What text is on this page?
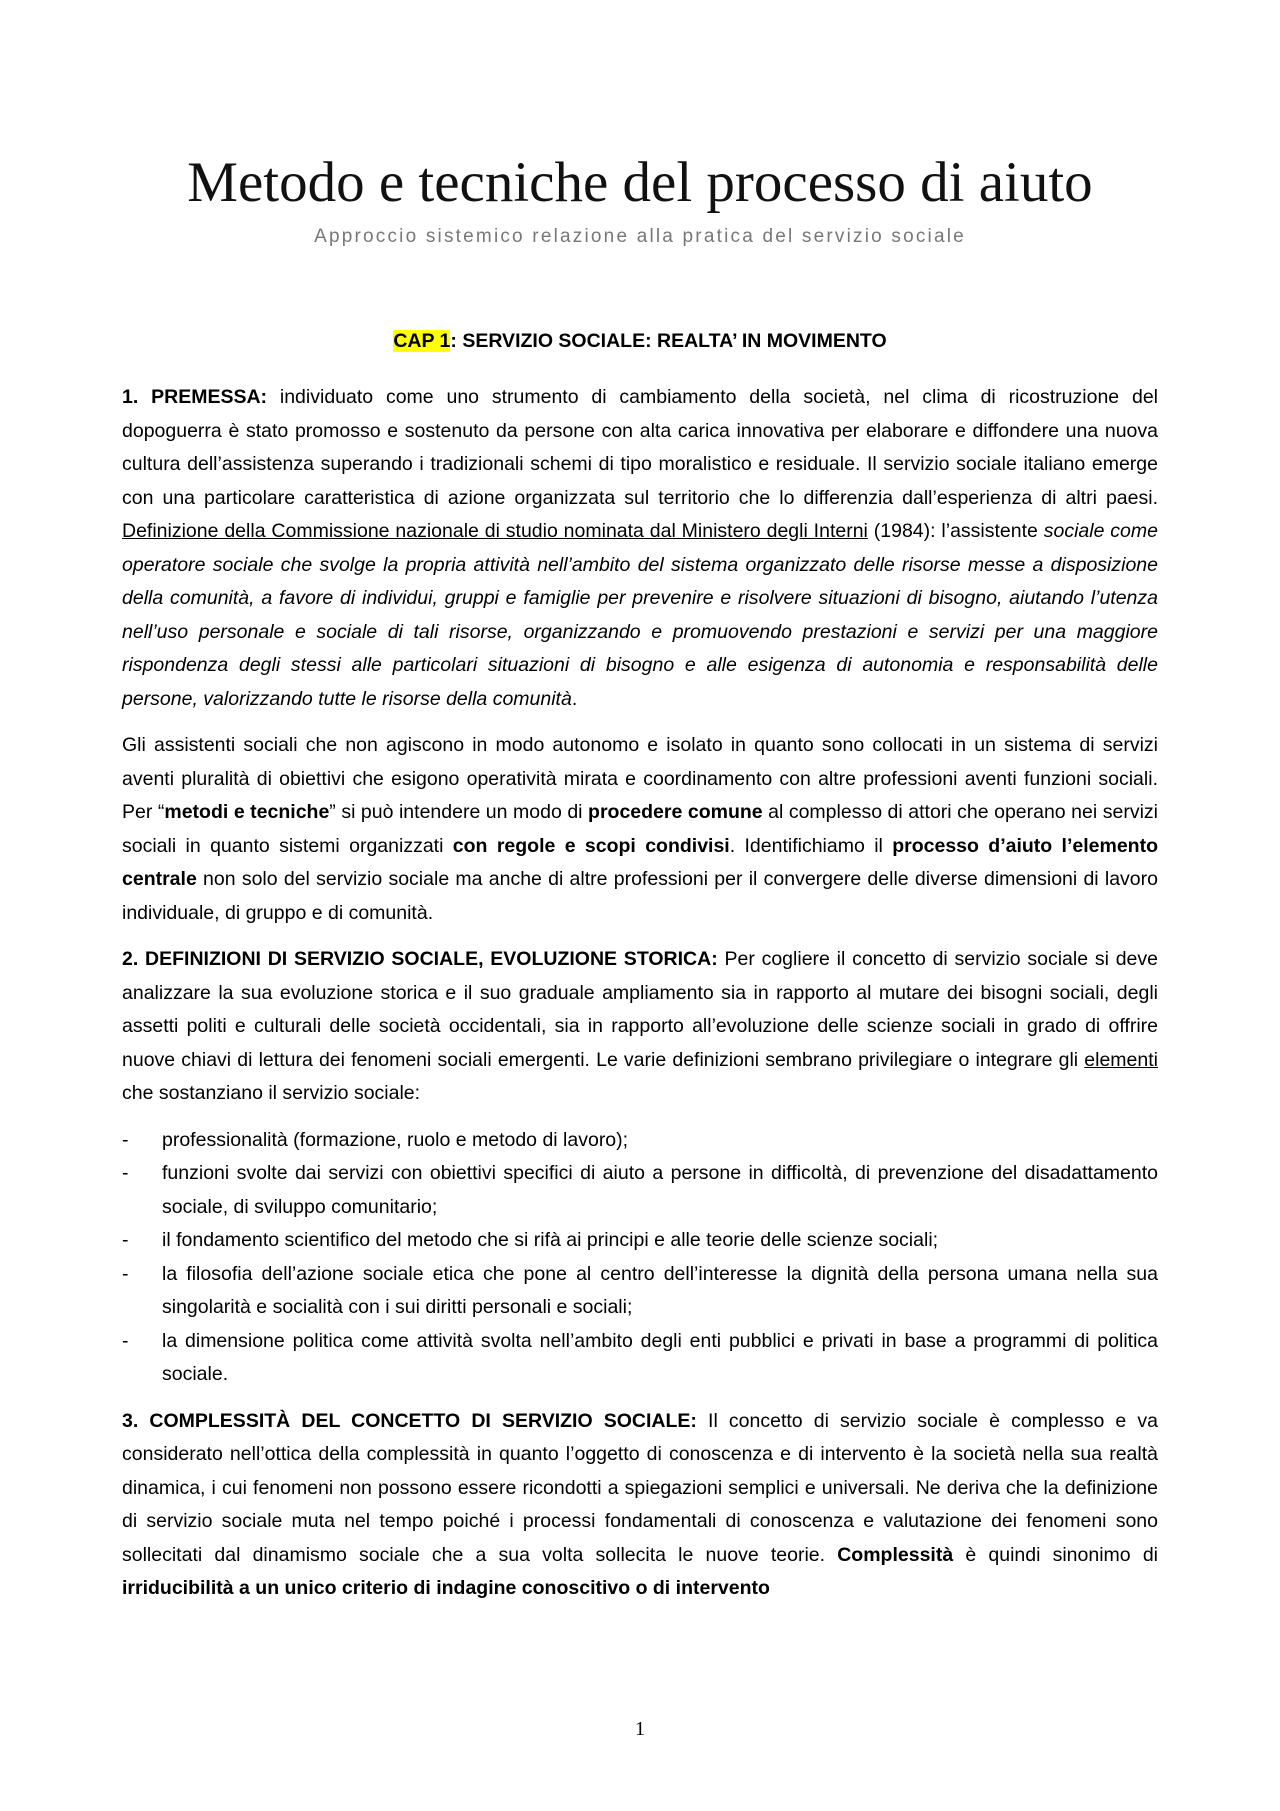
Metodo e tecniche del processo di aiuto
Approccio sistemico relazione alla pratica del servizio sociale
CAP 1: SERVIZIO SOCIALE: REALTA’ IN MOVIMENTO

1. PREMESSA: individuato come uno strumento di cambiamento della società, nel clima di ricostruzione del dopoguerra è stato promosso e sostenuto da persone con alta carica innovativa per elaborare e diffondere una nuova cultura dell’assistenza superando i tradizionali schemi di tipo moralistico e residuale. Il servizio sociale italiano emerge con una particolare caratteristica di azione organizzata sul territorio che lo differenzia dall’esperienza di altri paesi. Definizione della Commissione nazionale di studio nominata dal Ministero degli Interni (1984): l’assistente sociale come operatore sociale che svolge la propria attività nell’ambito del sistema organizzato delle risorse messe a disposizione della comunità, a favore di individui, gruppi e famiglie per prevenire e risolvere situazioni di bisogno, aiutando l’utenza nell’uso personale e sociale di tali risorse, organizzando e promuovendo prestazioni e servizi per una maggiore rispondenza degli stessi alle particolari situazioni di bisogno e alle esigenza di autonomia e responsabilità delle persone, valorizzando tutte le risorse della comunità.

Gli assistenti sociali che non agiscono in modo autonomo e isolato in quanto sono collocati in un sistema di servizi aventi pluralità di obiettivi che esigono operatività mirata e coordinamento con altre professioni aventi funzioni sociali. Per “metodi e tecniche” si può intendere un modo di procedere comune al complesso di attori che operano nei servizi sociali in quanto sistemi organizzati con regole e scopi condivisi. Identifichiamo il processo d’aiuto l’elemento centrale non solo del servizio sociale ma anche di altre professioni per il convergere delle diverse dimensioni di lavoro individuale, di gruppo e di comunità.

2. DEFINIZIONI DI SERVIZIO SOCIALE, EVOLUZIONE STORICA: Per cogliere il concetto di servizio sociale si deve analizzare la sua evoluzione storica e il suo graduale ampliamento sia in rapporto al mutare dei bisogni sociali, degli assetti politi e culturali delle società occidentali, sia in rapporto all’evoluzione delle scienze sociali in grado di offrire nuove chiavi di lettura dei fenomeni sociali emergenti. Le varie definizioni sembrano privilegiare o integrare gli elementi che sostanziano il servizio sociale:

- professionalità (formazione, ruolo e metodo di lavoro);
- funzioni svolte dai servizi con obiettivi specifici di aiuto a persone in difficoltà, di prevenzione del disadattamento sociale, di sviluppo comunitario;
- il fondamento scientifico del metodo che si rifà ai principi e alle teorie delle scienze sociali;
- la filosofia dell’azione sociale etica che pone al centro dell’interesse la dignità della persona umana nella sua singolarità e socialità con i sui diritti personali e sociali;
- la dimensione politica come attività svolta nell’ambito degli enti pubblici e privati in base a programmi di politica sociale.

3. COMPLESSITÀ DEL CONCETTO DI SERVIZIO SOCIALE: Il concetto di servizio sociale è complesso e va considerato nell’ottica della complessità in quanto l’oggetto di conoscenza e di intervento è la società nella sua realtà dinamica, i cui fenomeni non possono essere ricondotti a spiegazioni semplici e universali. Ne deriva che la definizione di servizio sociale muta nel tempo poiché i processi fondamentali di conoscenza e valutazione dei fenomeni sono sollecitati dal dinamismo sociale che a sua volta sollecita le nuove teorie. Complessità è quindi sinonimo di irriducibilità a un unico criterio di indagine conoscitivo o di intervento

1
